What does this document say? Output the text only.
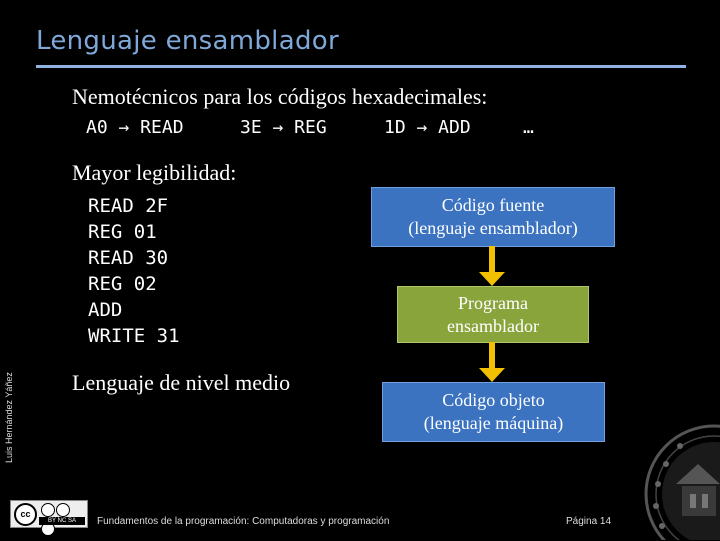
Lenguaje ensamblador
Nemotécnicos para los códigos hexadecimales:
A0 → READ	3E → REG	1D → ADD	…
Mayor legibilidad:
READ 2F
REG 01
READ 30
REG 02
ADD
WRITE 31
Lenguaje de nivel medio
Código fuente
(lenguaje ensamblador)
Programa
ensamblador
Código objeto
(lenguaje máquina)
Luis Hernández Yáñez
cc
BY NC SA	Fundamentos de la programación: Computadoras y programación	Página 14
